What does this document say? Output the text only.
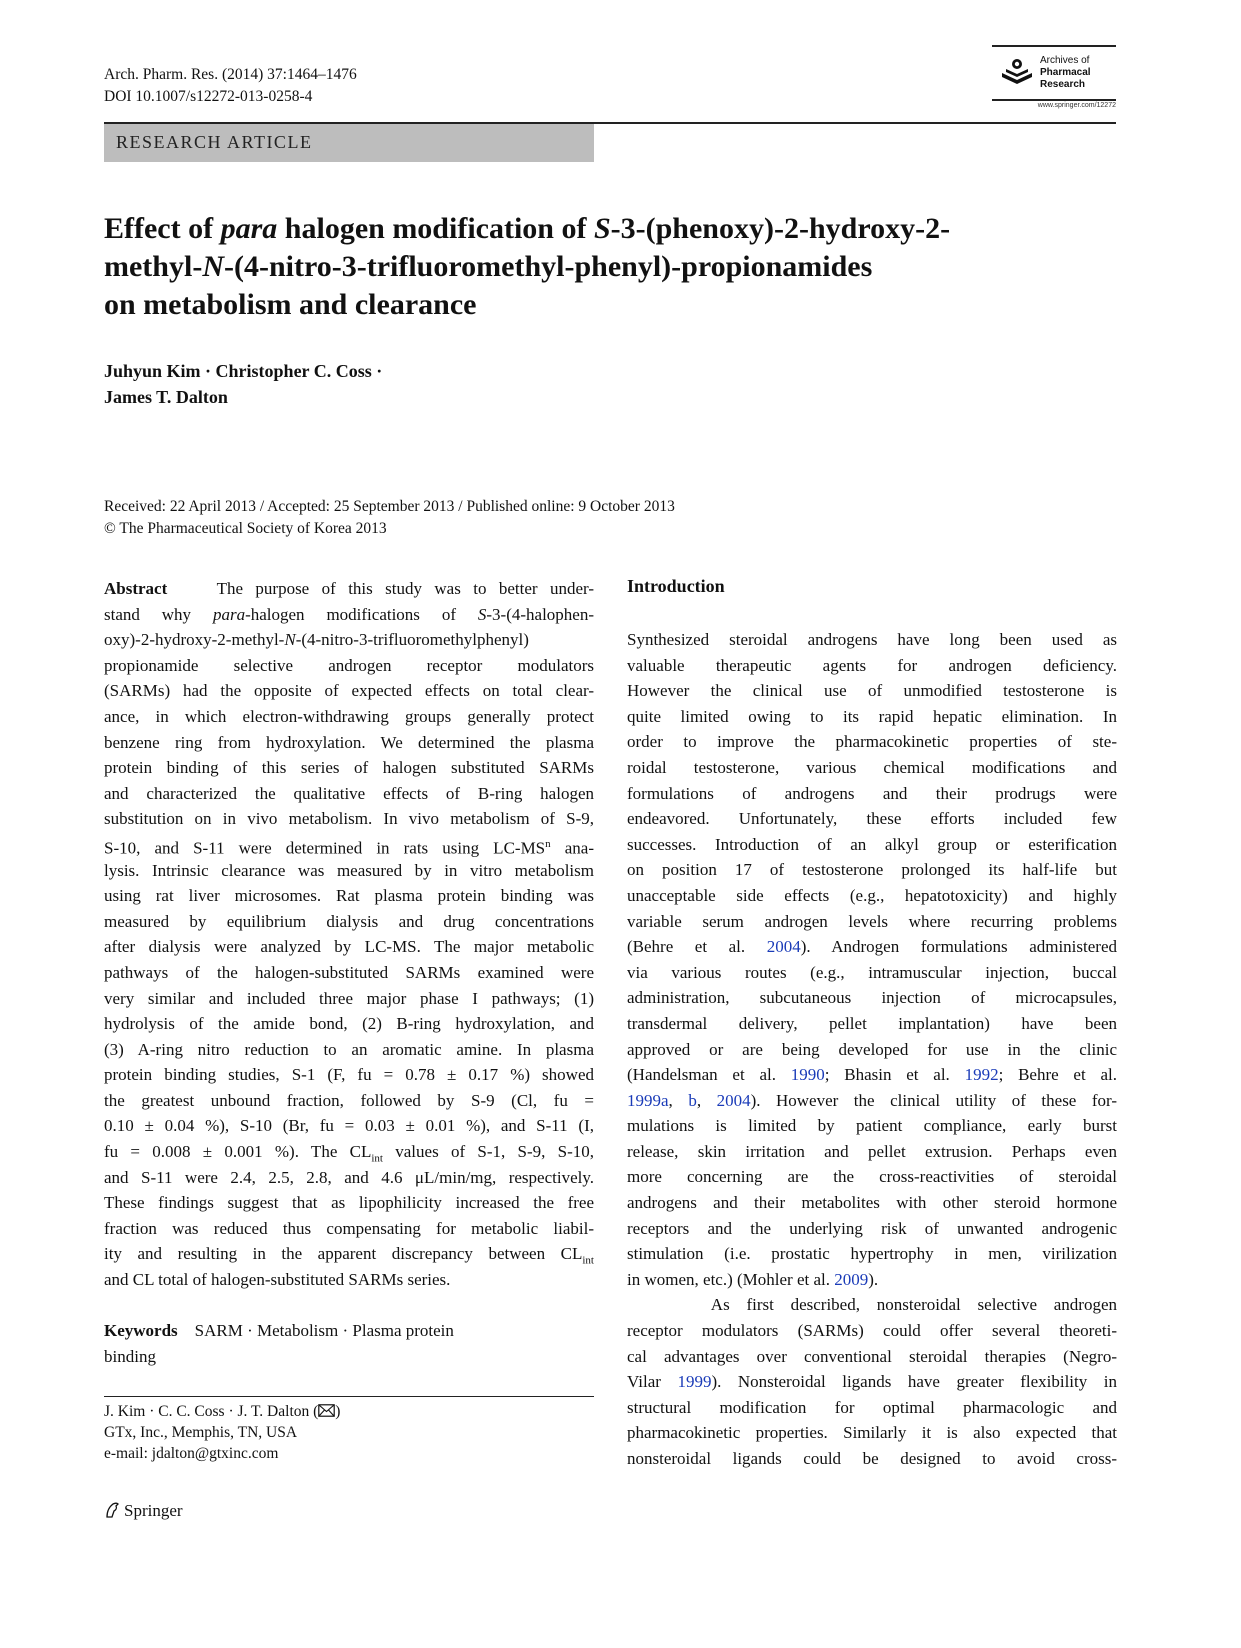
Arch. Pharm. Res. (2014) 37:1464–1476
DOI 10.1007/s12272-013-0258-4
Archives of
Pharmacal
Research
www.springer.com/12272
RESEARCH ARTICLE
Effect of para halogen modification of S-3-(phenoxy)-2-hydroxy-2-
methyl-N-(4-nitro-3-trifluoromethyl-phenyl)-propionamides
on metabolism and clearance
Juhyun Kim · Christopher C. Coss ·
James T. Dalton
Received: 22 April 2013 / Accepted: 25 September 2013 / Published online: 9 October 2013
© The Pharmaceutical Society of Korea 2013
Abstract	The purpose of this study was to better under-
stand why para-halogen modifications of S-3-(4-halophen-
oxy)-2-hydroxy-2-methyl-N-(4-nitro-3-trifluoromethylphenyl)
propionamide selective androgen receptor modulators
(SARMs) had the opposite of expected effects on total clear-
ance, in which electron-withdrawing groups generally protect
benzene ring from hydroxylation. We determined the plasma
protein binding of this series of halogen substituted SARMs
and characterized the qualitative effects of B-ring halogen
substitution on in vivo metabolism. In vivo metabolism of S-9,
S-10, and S-11 were determined in rats using $LC-MS^n$ ana-
lysis. Intrinsic clearance was measured by in vitro metabolism
using rat liver microsomes. Rat plasma protein binding was
measured by equilibrium dialysis and drug concentrations
after dialysis were analyzed by LC-MS. The major metabolic
pathways of the halogen-substituted SARMs examined were
very similar and included three major phase I pathways; (1)
hydrolysis of the amide bond, (2) B-ring hydroxylation, and
(3) A-ring nitro reduction to an aromatic amine. In plasma
protein binding studies, S-1 (F, fu = 0.78 ± 0.17 %) showed
the greatest unbound fraction, followed by S-9 (Cl, fu =
0.10 ± 0.04 %), S-10 (Br, fu = 0.03 ± 0.01 %), and S-11 (I,
fu = 0.008 ± 0.001 %). The $CL_{int}$ values of S-1, S-9, S-10,
and S-11 were 2.4, 2.5, 2.8, and 4.6 μL/min/mg, respectively.
These findings suggest that as lipophilicity increased the free
fraction was reduced thus compensating for metabolic liabil-
ity and resulting in the apparent discrepancy between $CL_{int}$
and CL total of halogen-substituted SARMs series.
Keywords SARM · Metabolism · Plasma protein
binding
J. Kim · C. C. Coss · J. T. Dalton ( )
GTx, Inc., Memphis, TN, USA
e-mail: jdalton@gtxinc.com
Introduction
Synthesized steroidal androgens have long been used as
valuable therapeutic agents for androgen deficiency.
However the clinical use of unmodified testosterone is
quite limited owing to its rapid hepatic elimination. In
order to improve the pharmacokinetic properties of ste-
roidal testosterone, various chemical modifications and
formulations of androgens and their prodrugs were
endeavored. Unfortunately, these efforts included few
successes. Introduction of an alkyl group or esterification
on position 17 of testosterone prolonged its half-life but
unacceptable side effects (e.g., hepatotoxicity) and highly
variable serum androgen levels where recurring problems
(Behre et al. 2004). Androgen formulations administered
via various routes (e.g., intramuscular injection, buccal
administration, subcutaneous injection of microcapsules,
transdermal delivery, pellet implantation) have been
approved or are being developed for use in the clinic
(Handelsman et al. 1990; Bhasin et al. 1992; Behre et al.
1999a, b, 2004). However the clinical utility of these for-
mulations is limited by patient compliance, early burst
release, skin irritation and pellet extrusion. Perhaps even
more concerning are the cross-reactivities of steroidal
androgens and their metabolites with other steroid hormone
receptors and the underlying risk of unwanted androgenic
stimulation (i.e. prostatic hypertrophy in men, virilization
in women, etc.) (Mohler et al. 2009).
As first described, nonsteroidal selective androgen
receptor modulators (SARMs) could offer several theoreti-
cal advantages over conventional steroidal therapies (Negro-
Vilar 1999). Nonsteroidal ligands have greater flexibility in
structural modification for optimal pharmacologic and
pharmacokinetic properties. Similarly it is also expected that
nonsteroidal ligands could be designed to avoid cross-
Springer
